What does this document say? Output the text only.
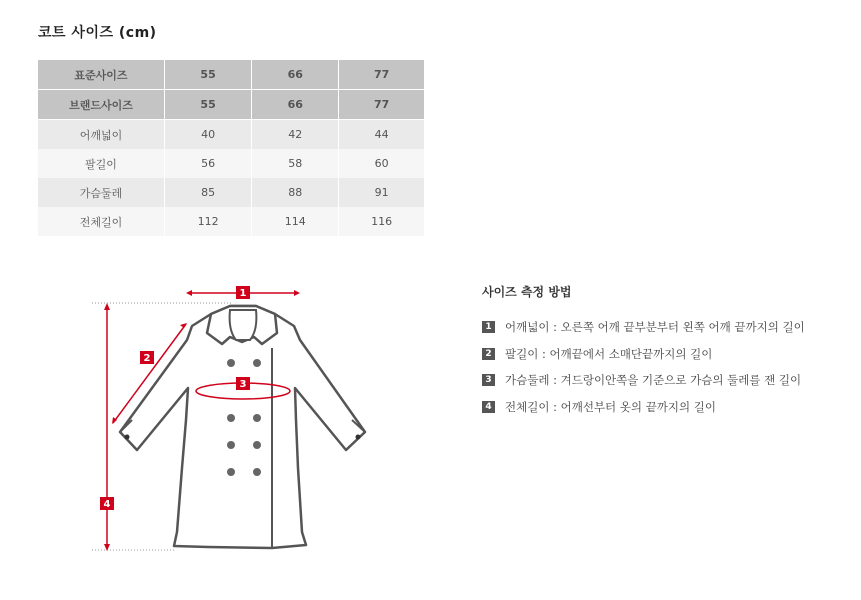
코트 사이즈 (cm)
표준사이즈	55	66	77
브랜드사이즈	55	66	77
어깨넓이	40	42	44
팔길이	56	58	60
가슴둘레	85	88	91
전체길이	112	114	116
1
2
3
4
사이즈 측정 방법
1 어깨넓이 : 오른쪽 어깨 끝부분부터 왼쪽 어깨 끝까지의 길이
2 팔길이 : 어깨끝에서 소매단끝까지의 길이
3 가슴둘레 : 겨드랑이안쪽을 기준으로 가슴의 둘레를 잰 길이
4 전체길이 : 어깨선부터 옷의 끝까지의 길이
